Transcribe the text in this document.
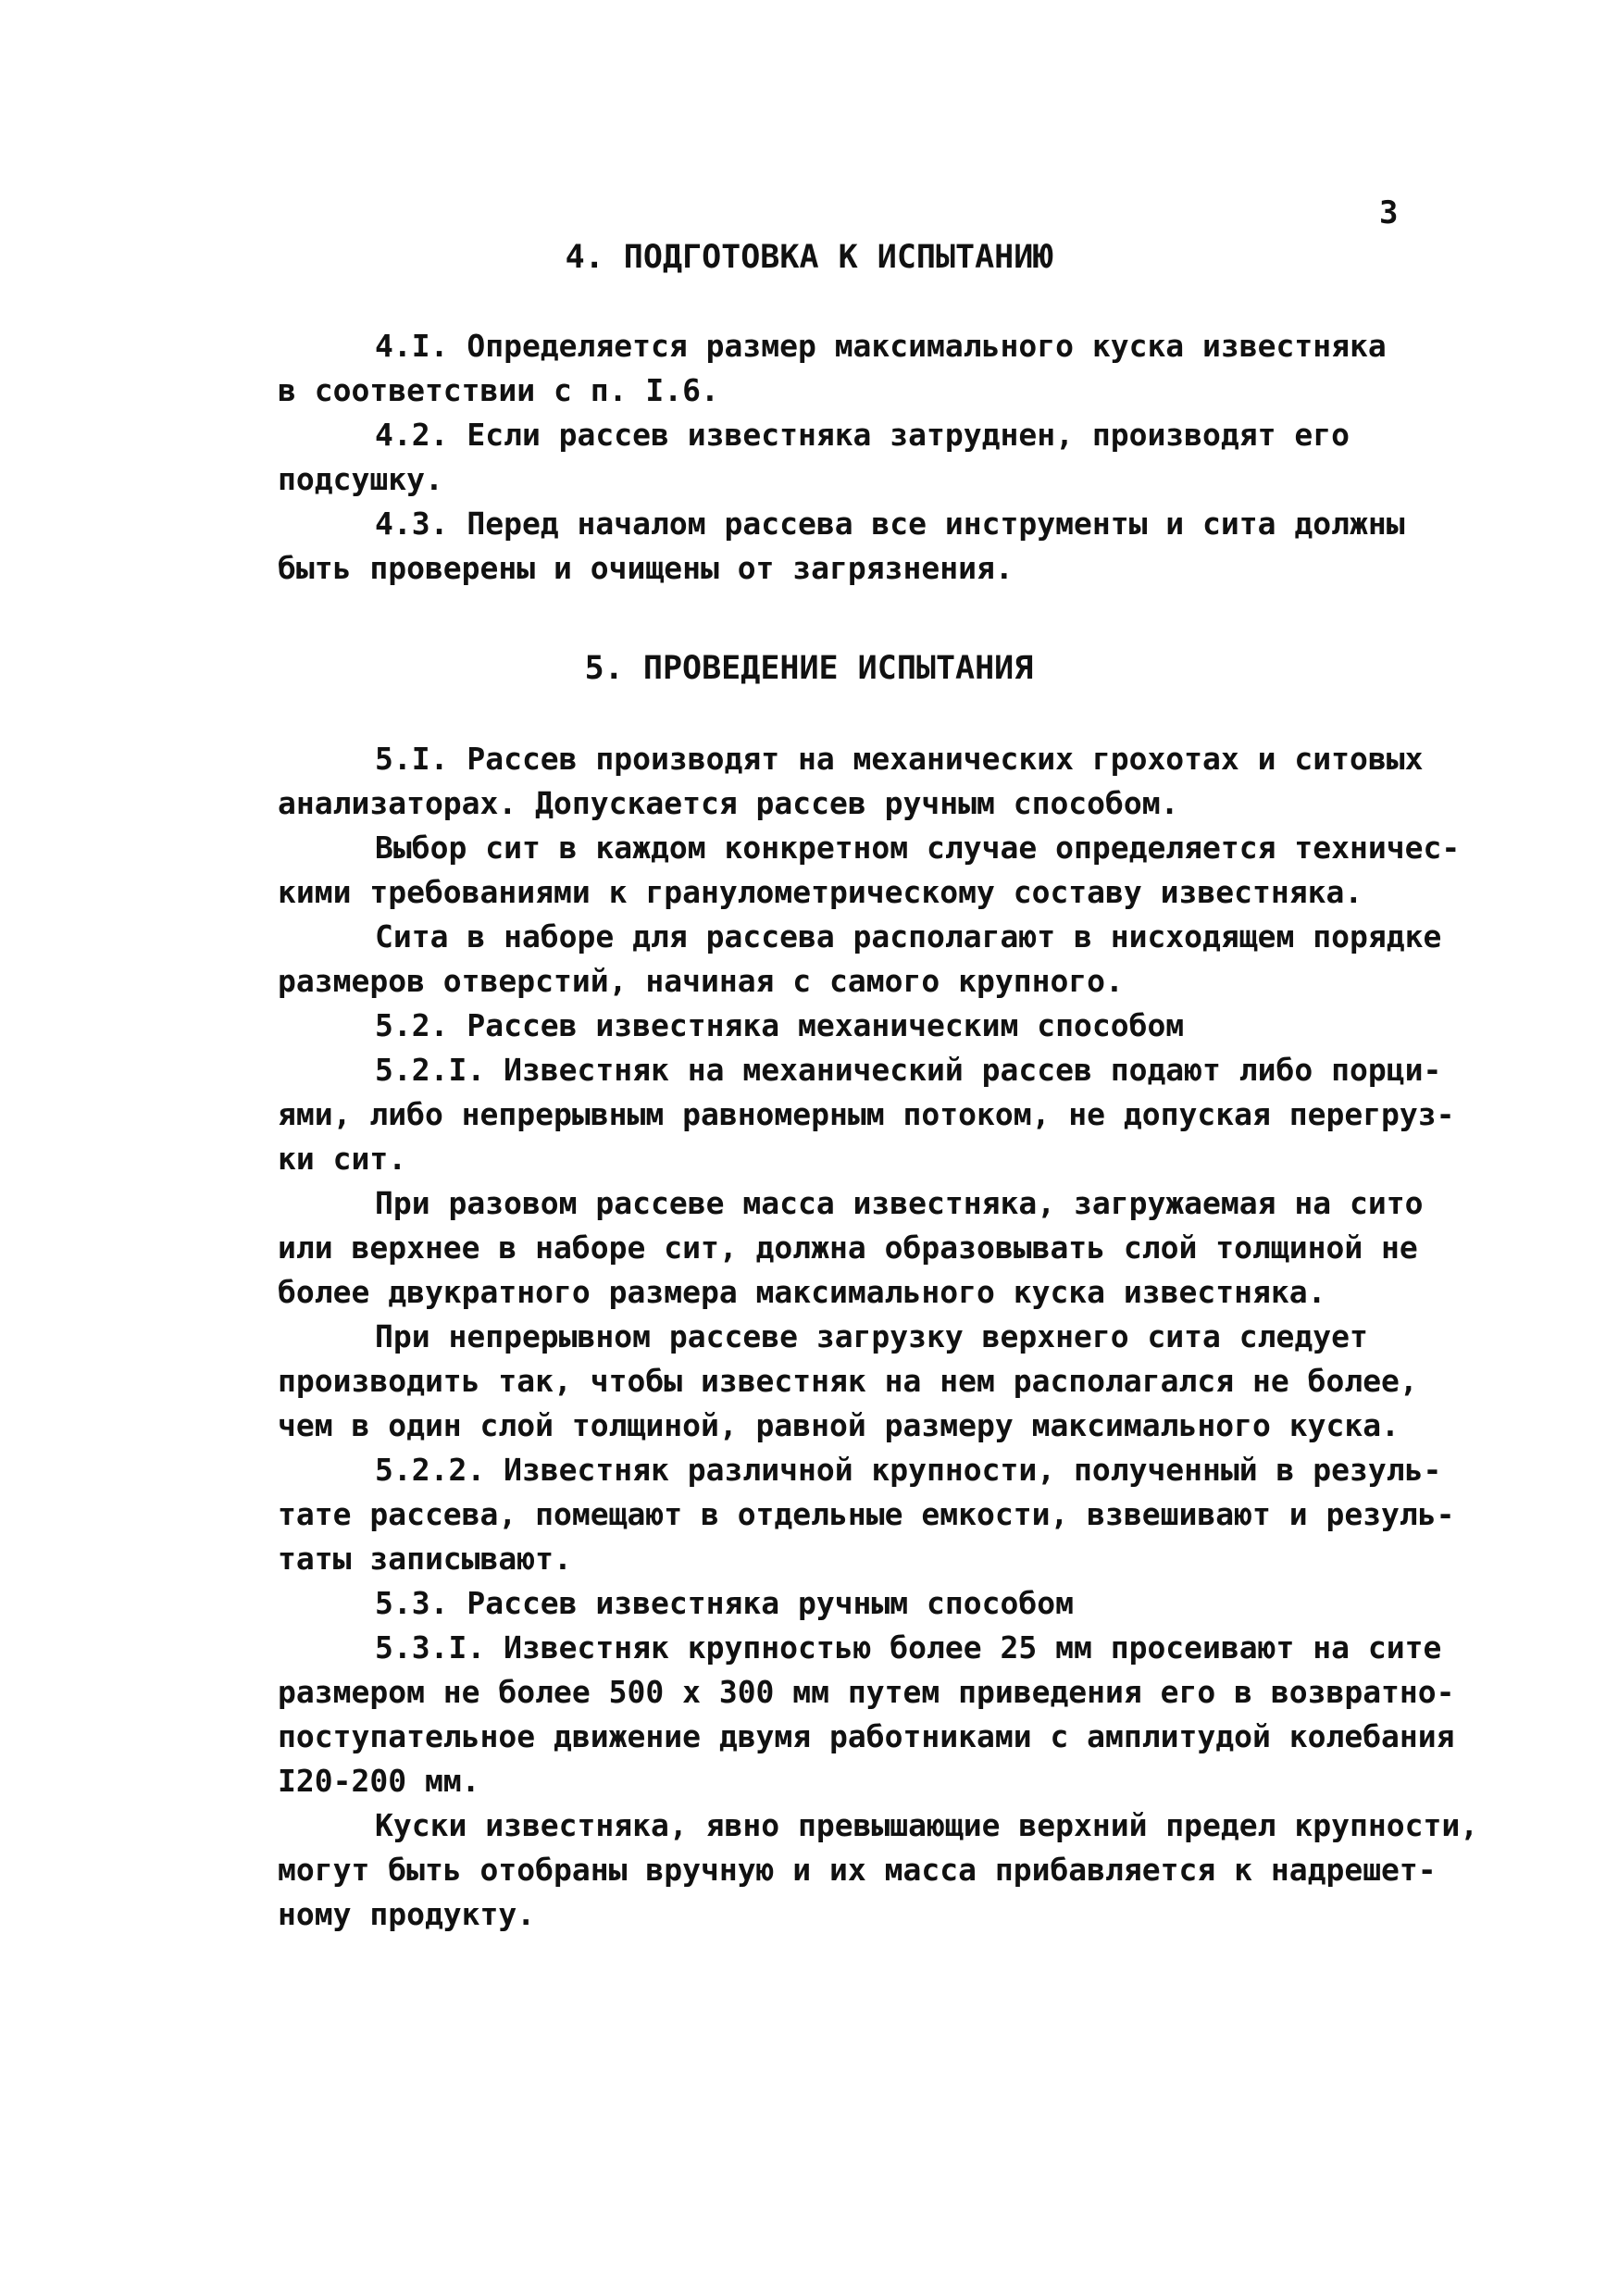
3
4. ПОДГОТОВКА К ИСПЫТАНИЮ
4.I. Определяется размер максимального куска известняка
в соответствии с п. I.6.
4.2. Если рассев известняка затруднен, производят его
подсушку.
4.3. Перед началом рассева все инструменты и сита должны
быть проверены и очищены от загрязнения.
5. ПРОВЕДЕНИЕ ИСПЫТАНИЯ
5.I. Рассев производят на механических грохотах и ситовых
анализаторах. Допускается рассев ручным способом.
Выбор сит в каждом конкретном случае определяется техничес-
кими требованиями к гранулометрическому составу известняка.
Сита в наборе для рассева располагают в нисходящем порядке
размеров отверстий, начиная с самого крупного.
5.2. Рассев известняка механическим способом
5.2.I. Известняк на механический рассев подают либо порци-
ями, либо непрерывным равномерным потоком, не допуская перегруз-
ки сит.
При разовом рассеве масса известняка, загружаемая на сито
или верхнее в наборе сит, должна образовывать слой толщиной не
более двукратного размера максимального куска известняка.
При непрерывном рассеве загрузку верхнего сита следует
производить так, чтобы известняк на нем располагался не более,
чем в один слой толщиной, равной размеру максимального куска.
5.2.2. Известняк различной крупности, полученный в резуль-
тате рассева, помещают в отдельные емкости, взвешивают и резуль-
таты записывают.
5.3. Рассев известняка ручным способом
5.3.I. Известняк крупностью более 25 мм просеивают на сите
размером не более 500 х 300 мм путем приведения его в возвратно-
поступательное движение двумя работниками с амплитудой колебания
I20-200 мм.
Куски известняка, явно превышающие верхний предел крупности,
могут быть отобраны вручную и их масса прибавляется к надрешет-
ному продукту.
